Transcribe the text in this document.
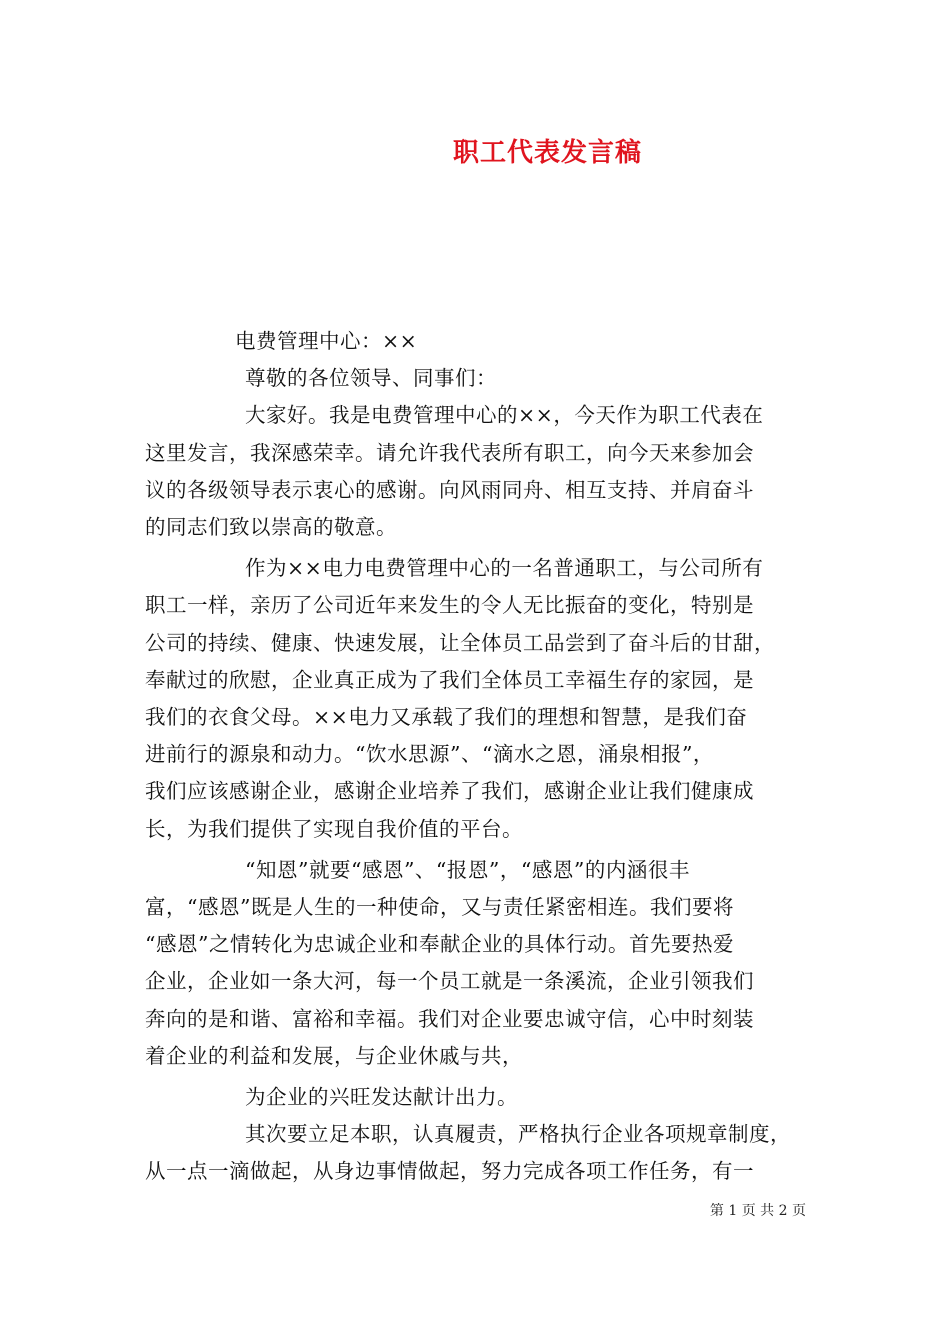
职工代表发言稿
电费管理中心：××
尊敬的各位领导、同事们：
大家好。我是电费管理中心的××，今天作为职工代表在
这里发言，我深感荣幸。请允许我代表所有职工，向今天来参加会
议的各级领导表示衷心的感谢。向风雨同舟、相互支持、并肩奋斗
的同志们致以崇高的敬意。
作为××电力电费管理中心的一名普通职工，与公司所有
职工一样，亲历了公司近年来发生的令人无比振奋的变化，特别是
公司的持续、健康、快速发展，让全体员工品尝到了奋斗后的甘甜，
奉献过的欣慰，企业真正成为了我们全体员工幸福生存的家园，是
我们的衣食父母。××电力又承载了我们的理想和智慧，是我们奋
进前行的源泉和动力。“饮水思源”、“滴水之恩，涌泉相报”，
我们应该感谢企业，感谢企业培养了我们，感谢企业让我们健康成
长，为我们提供了实现自我价值的平台。
“知恩”就要“感恩”、“报恩”，“感恩”的内涵很丰
富，“感恩”既是人生的一种使命，又与责任紧密相连。我们要将
“感恩”之情转化为忠诚企业和奉献企业的具体行动。首先要热爱
企业，企业如一条大河，每一个员工就是一条溪流，企业引领我们
奔向的是和谐、富裕和幸福。我们对企业要忠诚守信，心中时刻装
着企业的利益和发展，与企业休戚与共，
为企业的兴旺发达献计出力。
其次要立足本职，认真履责，严格执行企业各项规章制度，
从一点一滴做起，从身边事情做起，努力完成各项工作任务，有一
第 1 页 共 2 页
